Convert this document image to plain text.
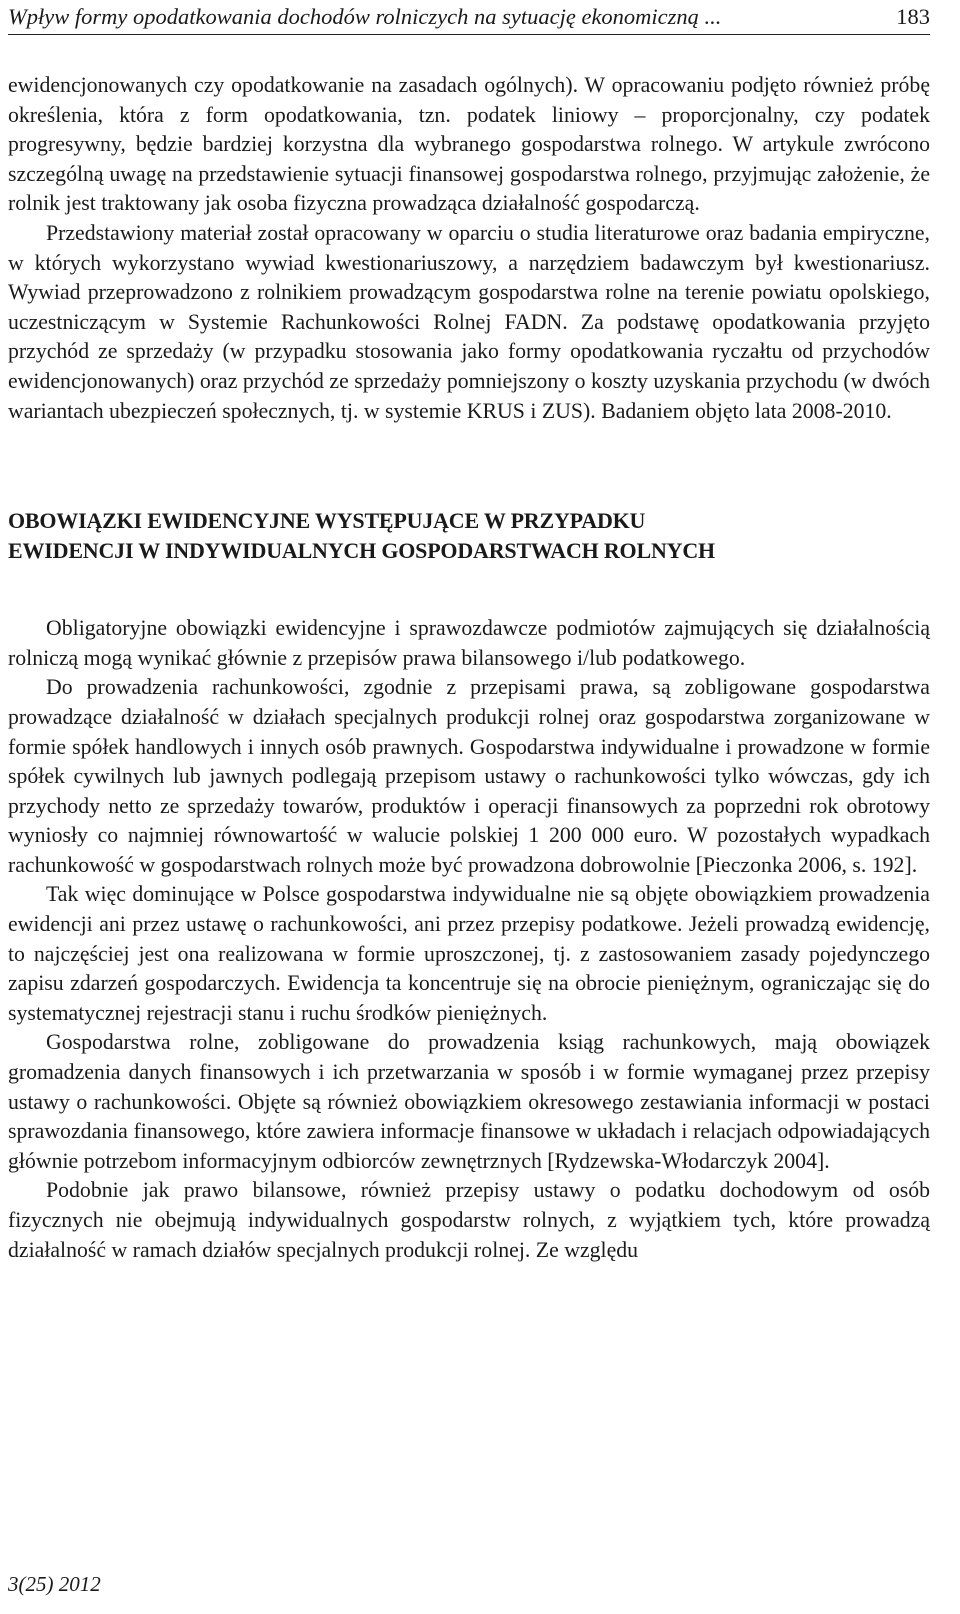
Wpływ formy opodatkowania dochodów rolniczych na sytuację ekonomiczną ...	183

ewidencjonowanych czy opodatkowanie na zasadach ogólnych). W opracowaniu podjęto również próbę określenia, która z form opodatkowania, tzn. podatek liniowy – proporcjonalny, czy podatek progresywny, będzie bardziej korzystna dla wybranego gospodarstwa rolnego. W artykule zwrócono szczególną uwagę na przedstawienie sytuacji finansowej gospodarstwa rolnego, przyjmując założenie, że rolnik jest traktowany jak osoba fizyczna prowadząca działalność gospodarczą.

Przedstawiony materiał został opracowany w oparciu o studia literaturowe oraz badania empiryczne, w których wykorzystano wywiad kwestionariuszowy, a narzędziem badawczym był kwestionariusz. Wywiad przeprowadzono z rolnikiem prowadzącym gospodarstwa rolne na terenie powiatu opolskiego, uczestniczącym w Systemie Rachunkowości Rolnej FADN. Za podstawę opodatkowania przyjęto przychód ze sprzedaży (w przypadku stosowania jako formy opodatkowania ryczałtu od przychodów ewidencjonowanych) oraz przychód ze sprzedaży pomniejszony o koszty uzyskania przychodu (w dwóch wariantach ubezpieczeń społecznych, tj. w systemie KRUS i ZUS). Badaniem objęto lata 2008-2010.

OBOWIĄZKI EWIDENCYJNE WYSTĘPUJĄCE W PRZYPADKU
EWIDENCJI W INDYWIDUALNYCH GOSPODARSTWACH ROLNYCH

Obligatoryjne obowiązki ewidencyjne i sprawozdawcze podmiotów zajmujących się działalnością rolniczą mogą wynikać głównie z przepisów prawa bilansowego i/lub podatkowego.

Do prowadzenia rachunkowości, zgodnie z przepisami prawa, są zobligowane gospodarstwa prowadzące działalność w działach specjalnych produkcji rolnej oraz gospodarstwa zorganizowane w formie spółek handlowych i innych osób prawnych. Gospodarstwa indywidualne i prowadzone w formie spółek cywilnych lub jawnych podlegają przepisom ustawy o rachunkowości tylko wówczas, gdy ich przychody netto ze sprzedaży towarów, produktów i operacji finansowych za poprzedni rok obrotowy wyniosły co najmniej równowartość w walucie polskiej 1 200 000 euro. W pozostałych wypadkach rachunkowość w gospodarstwach rolnych może być prowadzona dobrowolnie [Pieczonka 2006, s. 192].

Tak więc dominujące w Polsce gospodarstwa indywidualne nie są objęte obowiązkiem prowadzenia ewidencji ani przez ustawę o rachunkowości, ani przez przepisy podatkowe. Jeżeli prowadzą ewidencję, to najczęściej jest ona realizowana w formie uproszczonej, tj. z zastosowaniem zasady pojedynczego zapisu zdarzeń gospodarczych. Ewidencja ta koncentruje się na obrocie pieniężnym, ograniczając się do systematycznej rejestracji stanu i ruchu środków pieniężnych.

Gospodarstwa rolne, zobligowane do prowadzenia ksiąg rachunkowych, mają obowiązek gromadzenia danych finansowych i ich przetwarzania w sposób i w formie wymaganej przez przepisy ustawy o rachunkowości. Objęte są również obowiązkiem okresowego zestawiania informacji w postaci sprawozdania finansowego, które zawiera informacje finansowe w układach i relacjach odpowiadających głównie potrzebom informacyjnym odbiorców zewnętrznych [Rydzewska-Włodarczyk 2004].

Podobnie jak prawo bilansowe, również przepisy ustawy o podatku dochodowym od osób fizycznych nie obejmują indywidualnych gospodarstw rolnych, z wyjątkiem tych, które prowadzą działalność w ramach działów specjalnych produkcji rolnej. Ze względu

3(25) 2012
